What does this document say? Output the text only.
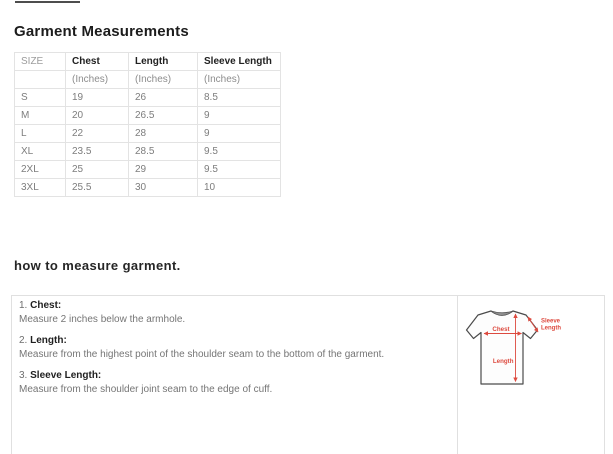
Garment Measurements
SIZE	Chest	Length	Sleeve Length
	(Inches)	(Inches)	(Inches)
S	19	26	8.5
M	20	26.5	9
L	22	28	9
XL	23.5	28.5	9.5
2XL	25	29	9.5
3XL	25.5	30	10
how to measure garment.
1. Chest:
Measure 2 inches below the armhole.
2. Length:
Measure from the highest point of the shoulder seam to the bottom of the garment.
3. Sleeve Length:
Measure from the shoulder joint seam to the edge of cuff.
Chest
Length
Sleeve
Length
